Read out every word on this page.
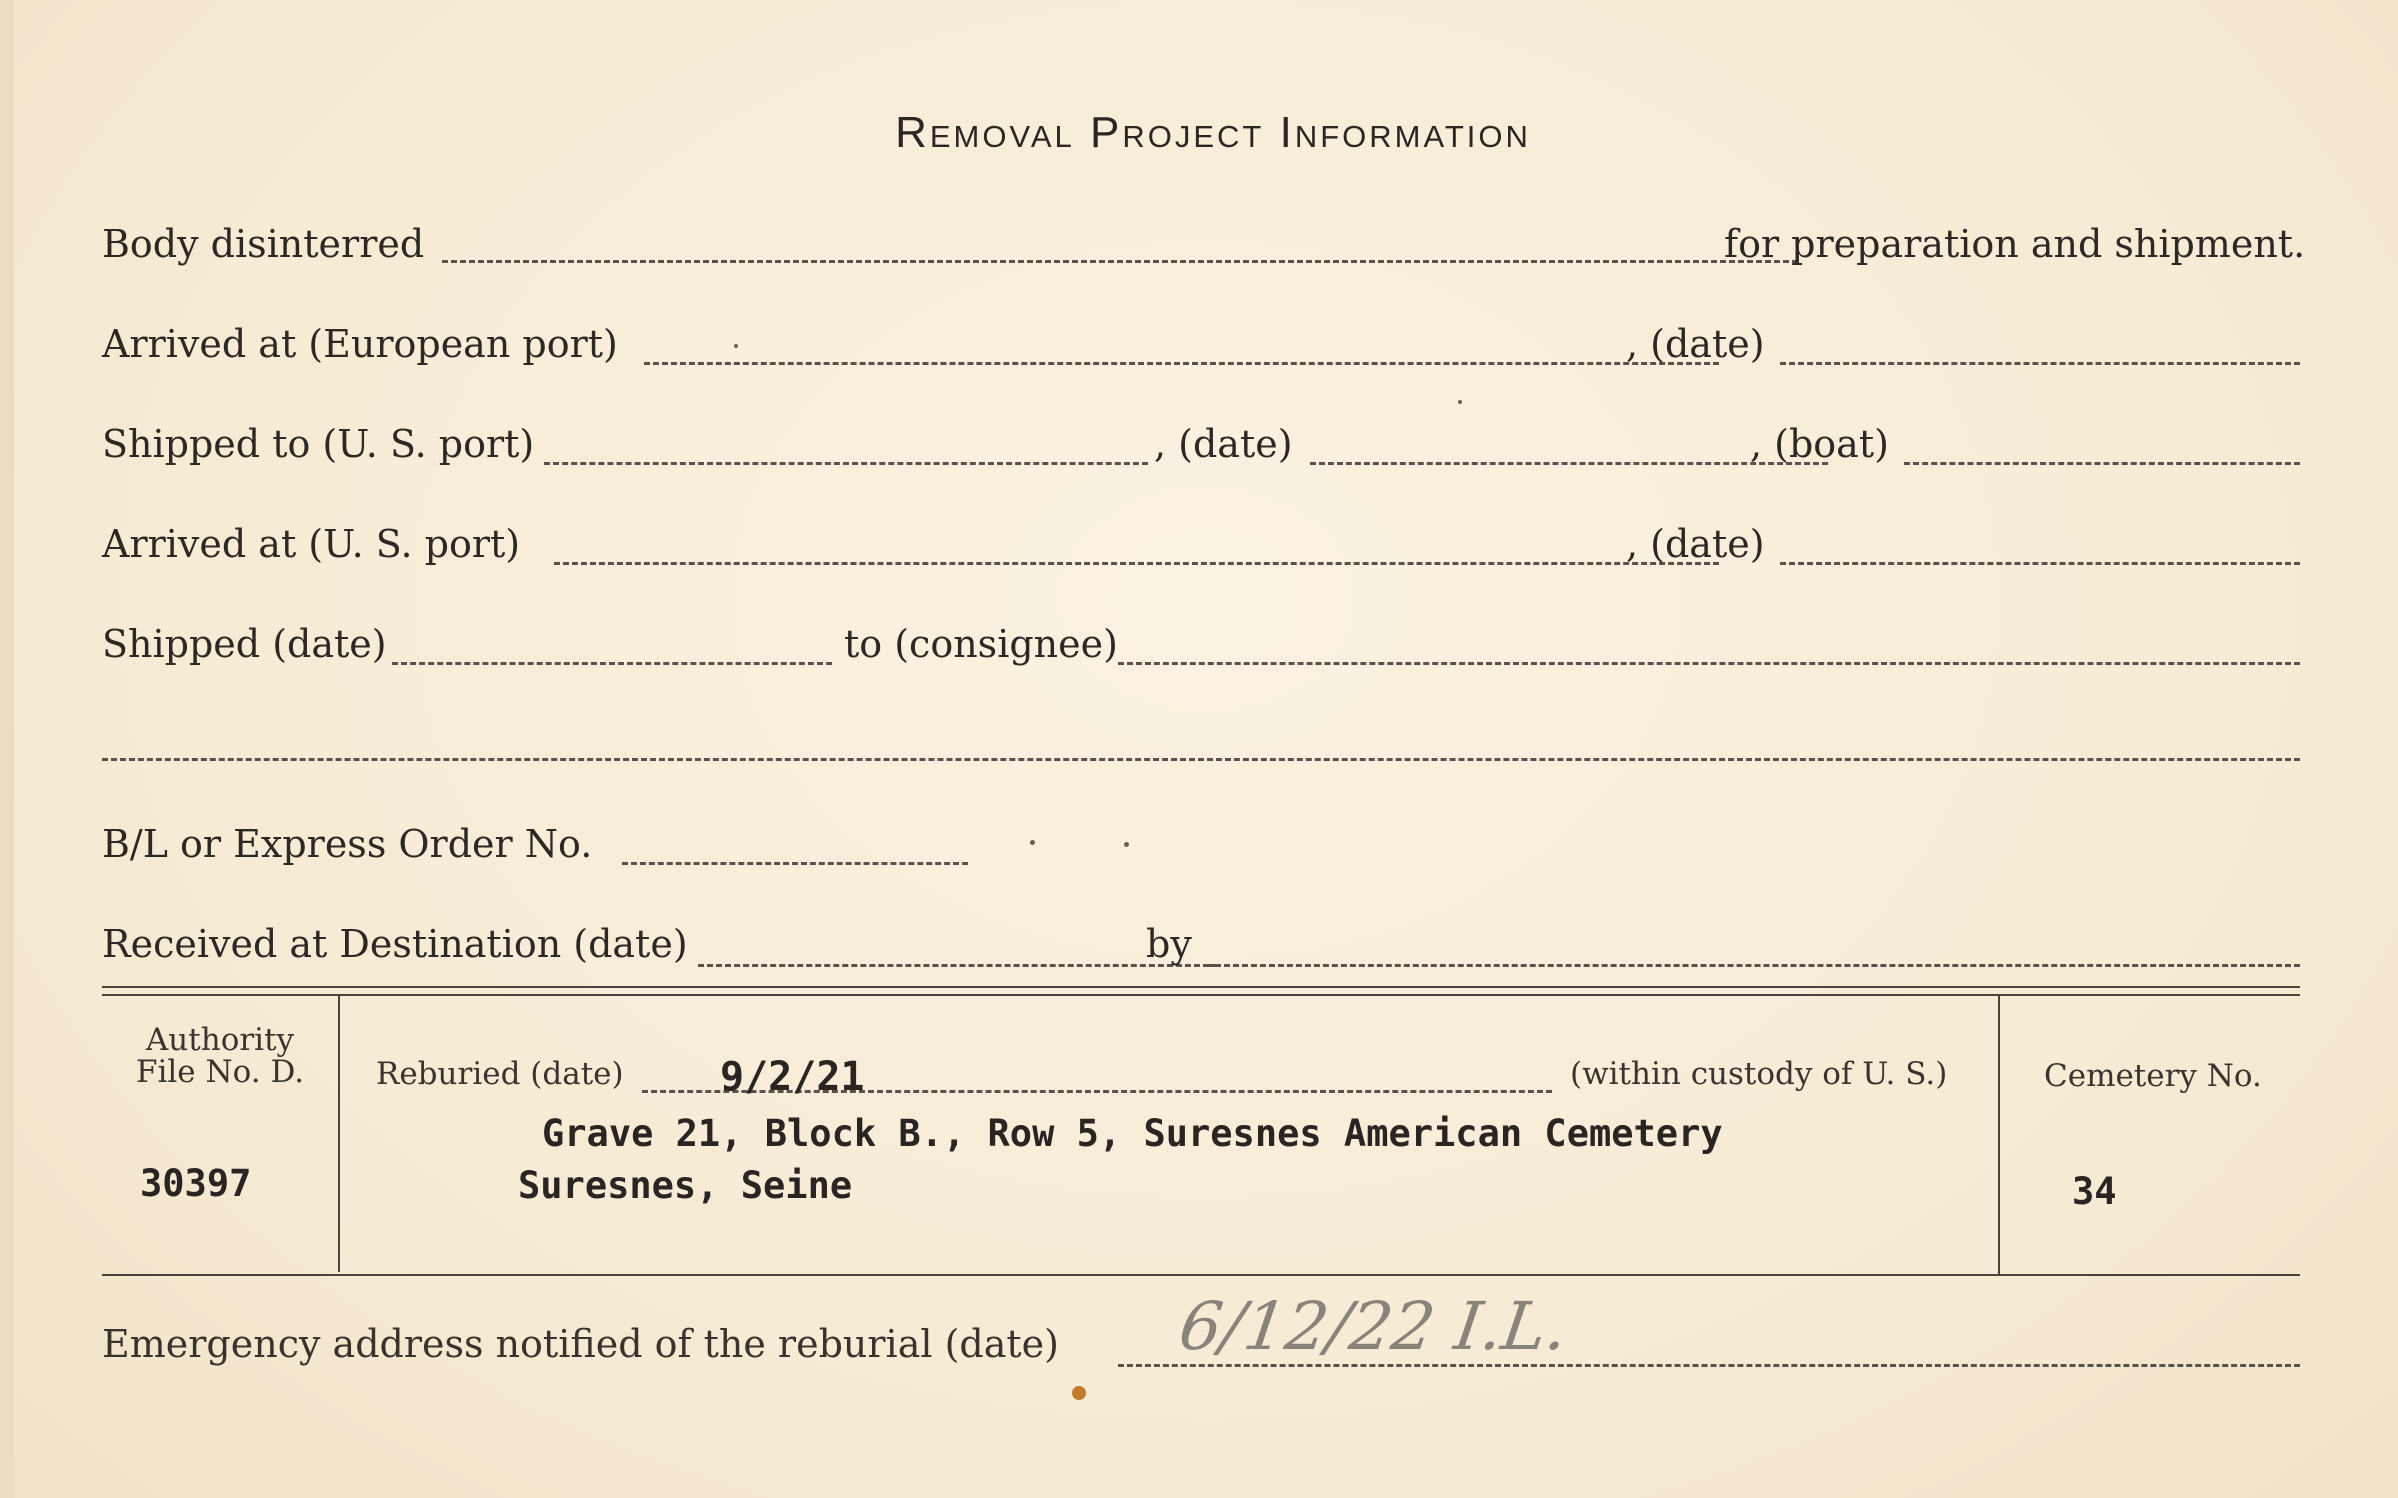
Removal Project Information
Body disinterred	for preparation and shipment.
Arrived at (European port)	, (date)
Shipped to (U. S. port)	, (date)	, (boat)
Arrived at (U. S. port)	, (date)
Shipped (date)	to (consignee)
B/L or Express Order No.
Received at Destination (date)	by
Authority
File No. D.
30397
Reburied (date) 9/2/21	(within custody of U. S.)
Grave 21, Block B., Row 5, Suresnes American Cemetery
Suresnes, Seine
Cemetery No.
34
Emergency address notified of the reburial (date) 6/12/22 I.L.
